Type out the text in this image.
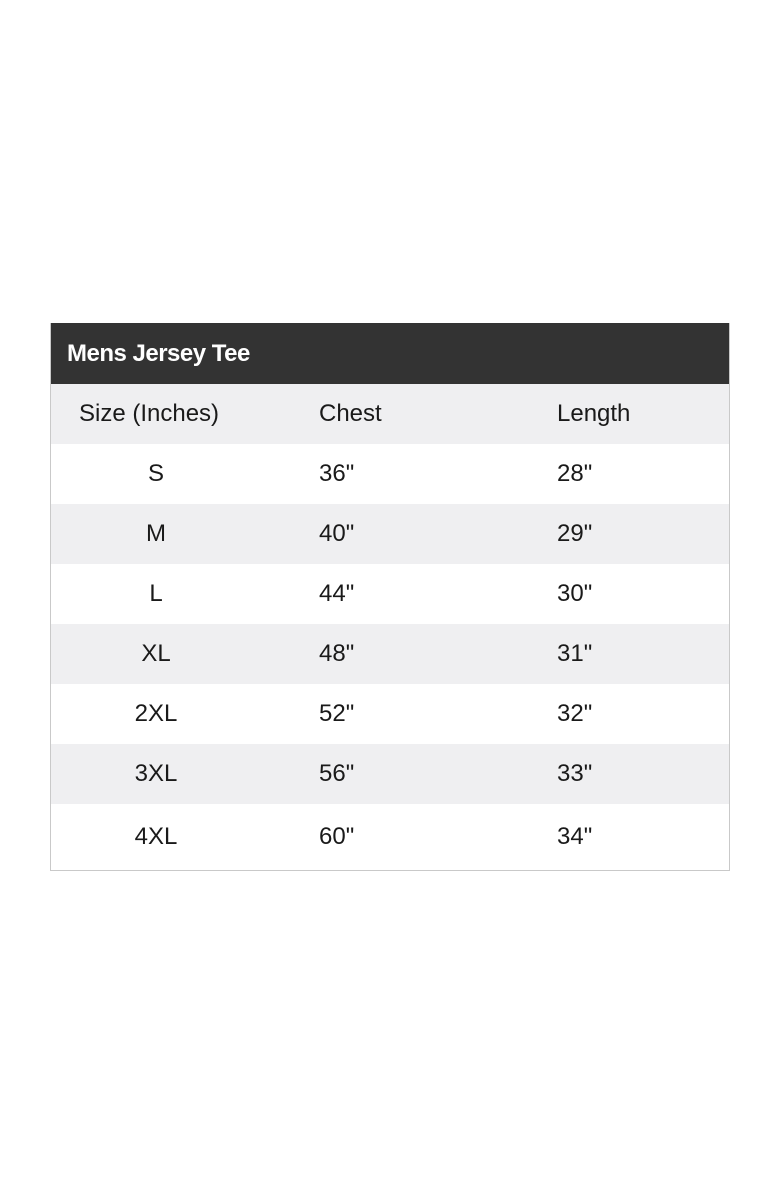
Mens Jersey Tee
Size (Inches)	Chest	Length
S	36"	28"
M	40"	29"
L	44"	30"
XL	48"	31"
2XL	52"	32"
3XL	56"	33"
4XL	60"	34"
